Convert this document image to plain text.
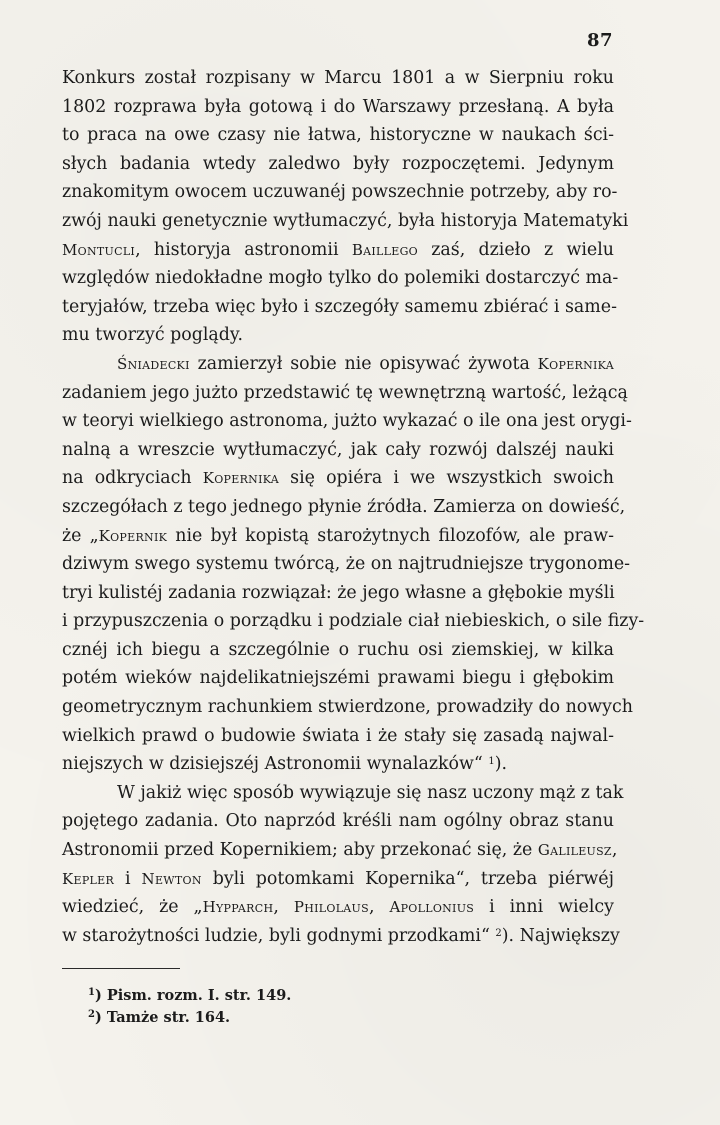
87
Konkurs został rozpisany w Marcu 1801 a w Sierpniu roku
1802 rozprawa była gotową i do Warszawy przesłaną. A była
to praca na owe czasy nie łatwa, historyczne w naukach ści-
słych badania wtedy zaledwo były rozpoczętemi. Jedynym
znakomitym owocem uczuwanéj powszechnie potrzeby, aby ro-
zwój nauki genetycznie wytłumaczyć, była historyja Matematyki
Montucli, historyja astronomii Baillego zaś, dzieło z wielu
względów niedokładne mogło tylko do polemiki dostarczyć ma-
teryjałów, trzeba więc było i szczegóły samemu zbiérać i same-
mu tworzyć poglądy.
Śniadecki zamierzył sobie nie opisywać żywota Kopernika
zadaniem jego jużto przedstawić tę wewnętrzną wartość, leżącą
w teoryi wielkiego astronoma, jużto wykazać o ile ona jest orygi-
nalną a wreszcie wytłumaczyć, jak cały rozwój dalszéj nauki
na odkryciach Kopernika się opiéra i we wszystkich swoich
szczegółach z tego jednego płynie źródła. Zamierza on dowieść,
że „Kopernik nie był kopistą starożytnych filozofów, ale praw-
dziwym swego systemu twórcą, że on najtrudniejsze trygonome-
tryi kulistéj zadania rozwiązał: że jego własne a głębokie myśli
i przypuszczenia o porządku i podziale ciał niebieskich, o sile fizy-
cznéj ich biegu a szczególnie o ruchu osi ziemskiej, w kilka
potém wieków najdelikatniejszémi prawami biegu i głębokim
geometrycznym rachunkiem stwierdzone, prowadziły do nowych
wielkich prawd o budowie świata i że stały się zasadą najwal-
niejszych w dzisiejszéj Astronomii wynalazków“ $^1$).
W jakiż więc sposób wywiązuje się nasz uczony mąż z tak
pojętego zadania. Oto naprzód kréśli nam ogólny obraz stanu
Astronomii przed Kopernikiem; aby przekonać się, że Galileusz,
Kepler i Newton byli potomkami Kopernika“, trzeba piérwéj
wiedzieć, że „Hypparch, Philolaus, Apollonius i inni wielcy
w starożytności ludzie, byli godnymi przodkami“ $^2$). Największy
$^1$) Pism. rozm. I. str. 149.
$^2$) Tamże str. 164.
